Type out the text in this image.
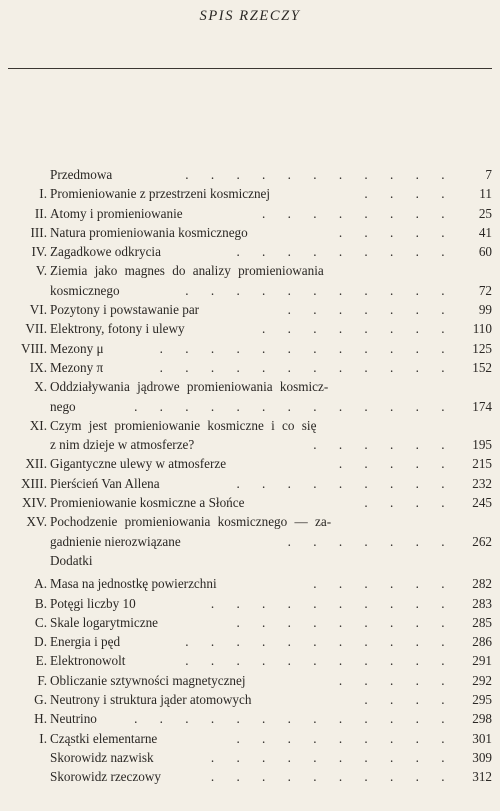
SPIS RZECZY
Przedmowa	. . . . . . . . . . .	7
I. Promieniowanie z przestrzeni kosmicznej	. . . .	11
II. Atomy i promieniowanie	. . . . . . . .	25
III. Natura promieniowania kosmicznego	. . . . .	41
IV. Zagadkowe odkrycia	. . . . . . . . .	60
V. Ziemia jako magnes do analizy promieniowania
kosmicznego	. . . . . . . . . . .	72
VI. Pozytony i powstawanie par	. . . . . . .	99
VII. Elektrony, fotony i ulewy	. . . . . . . .	110
VIII. Mezony μ	. . . . . . . . . . . .	125
IX. Mezony π	. . . . . . . . . . . .	152
X. Oddziaływania jądrowe promieniowania kosmicz-
nego	. . . . . . . . . . . . .	174
XI. Czym jest promieniowanie kosmiczne i co się
z nim dzieje w atmosferze?	. . . . . .	195
XII. Gigantyczne ulewy w atmosferze	. . . . .	215
XIII. Pierścień Van Allena	. . . . . . . . .	232
XIV. Promieniowanie kosmiczne a Słońce	. . . .	245
XV. Pochodzenie promieniowania kosmicznego — za-
gadnienie nierozwiązane	. . . . . . .	262
Dodatki
A. Masa na jednostkę powierzchni	. . . . . .	282
B. Potęgi liczby 10	. . . . . . . . . .	283
C. Skale logarytmiczne	. . . . . . . . .	285
D. Energia i pęd	. . . . . . . . . . .	286
E. Elektronowolt	. . . . . . . . . . .	291
F. Obliczanie sztywności magnetycznej	. . . . .	292
G. Neutrony i struktura jąder atomowych	. . . .	295
H. Neutrino	. . . . . . . . . . . . .	298
I. Cząstki elementarne	. . . . . . . . .	301
Skorowidz nazwisk	. . . . . . . . . .	309
Skorowidz rzeczowy	. . . . . . . . . .	312
